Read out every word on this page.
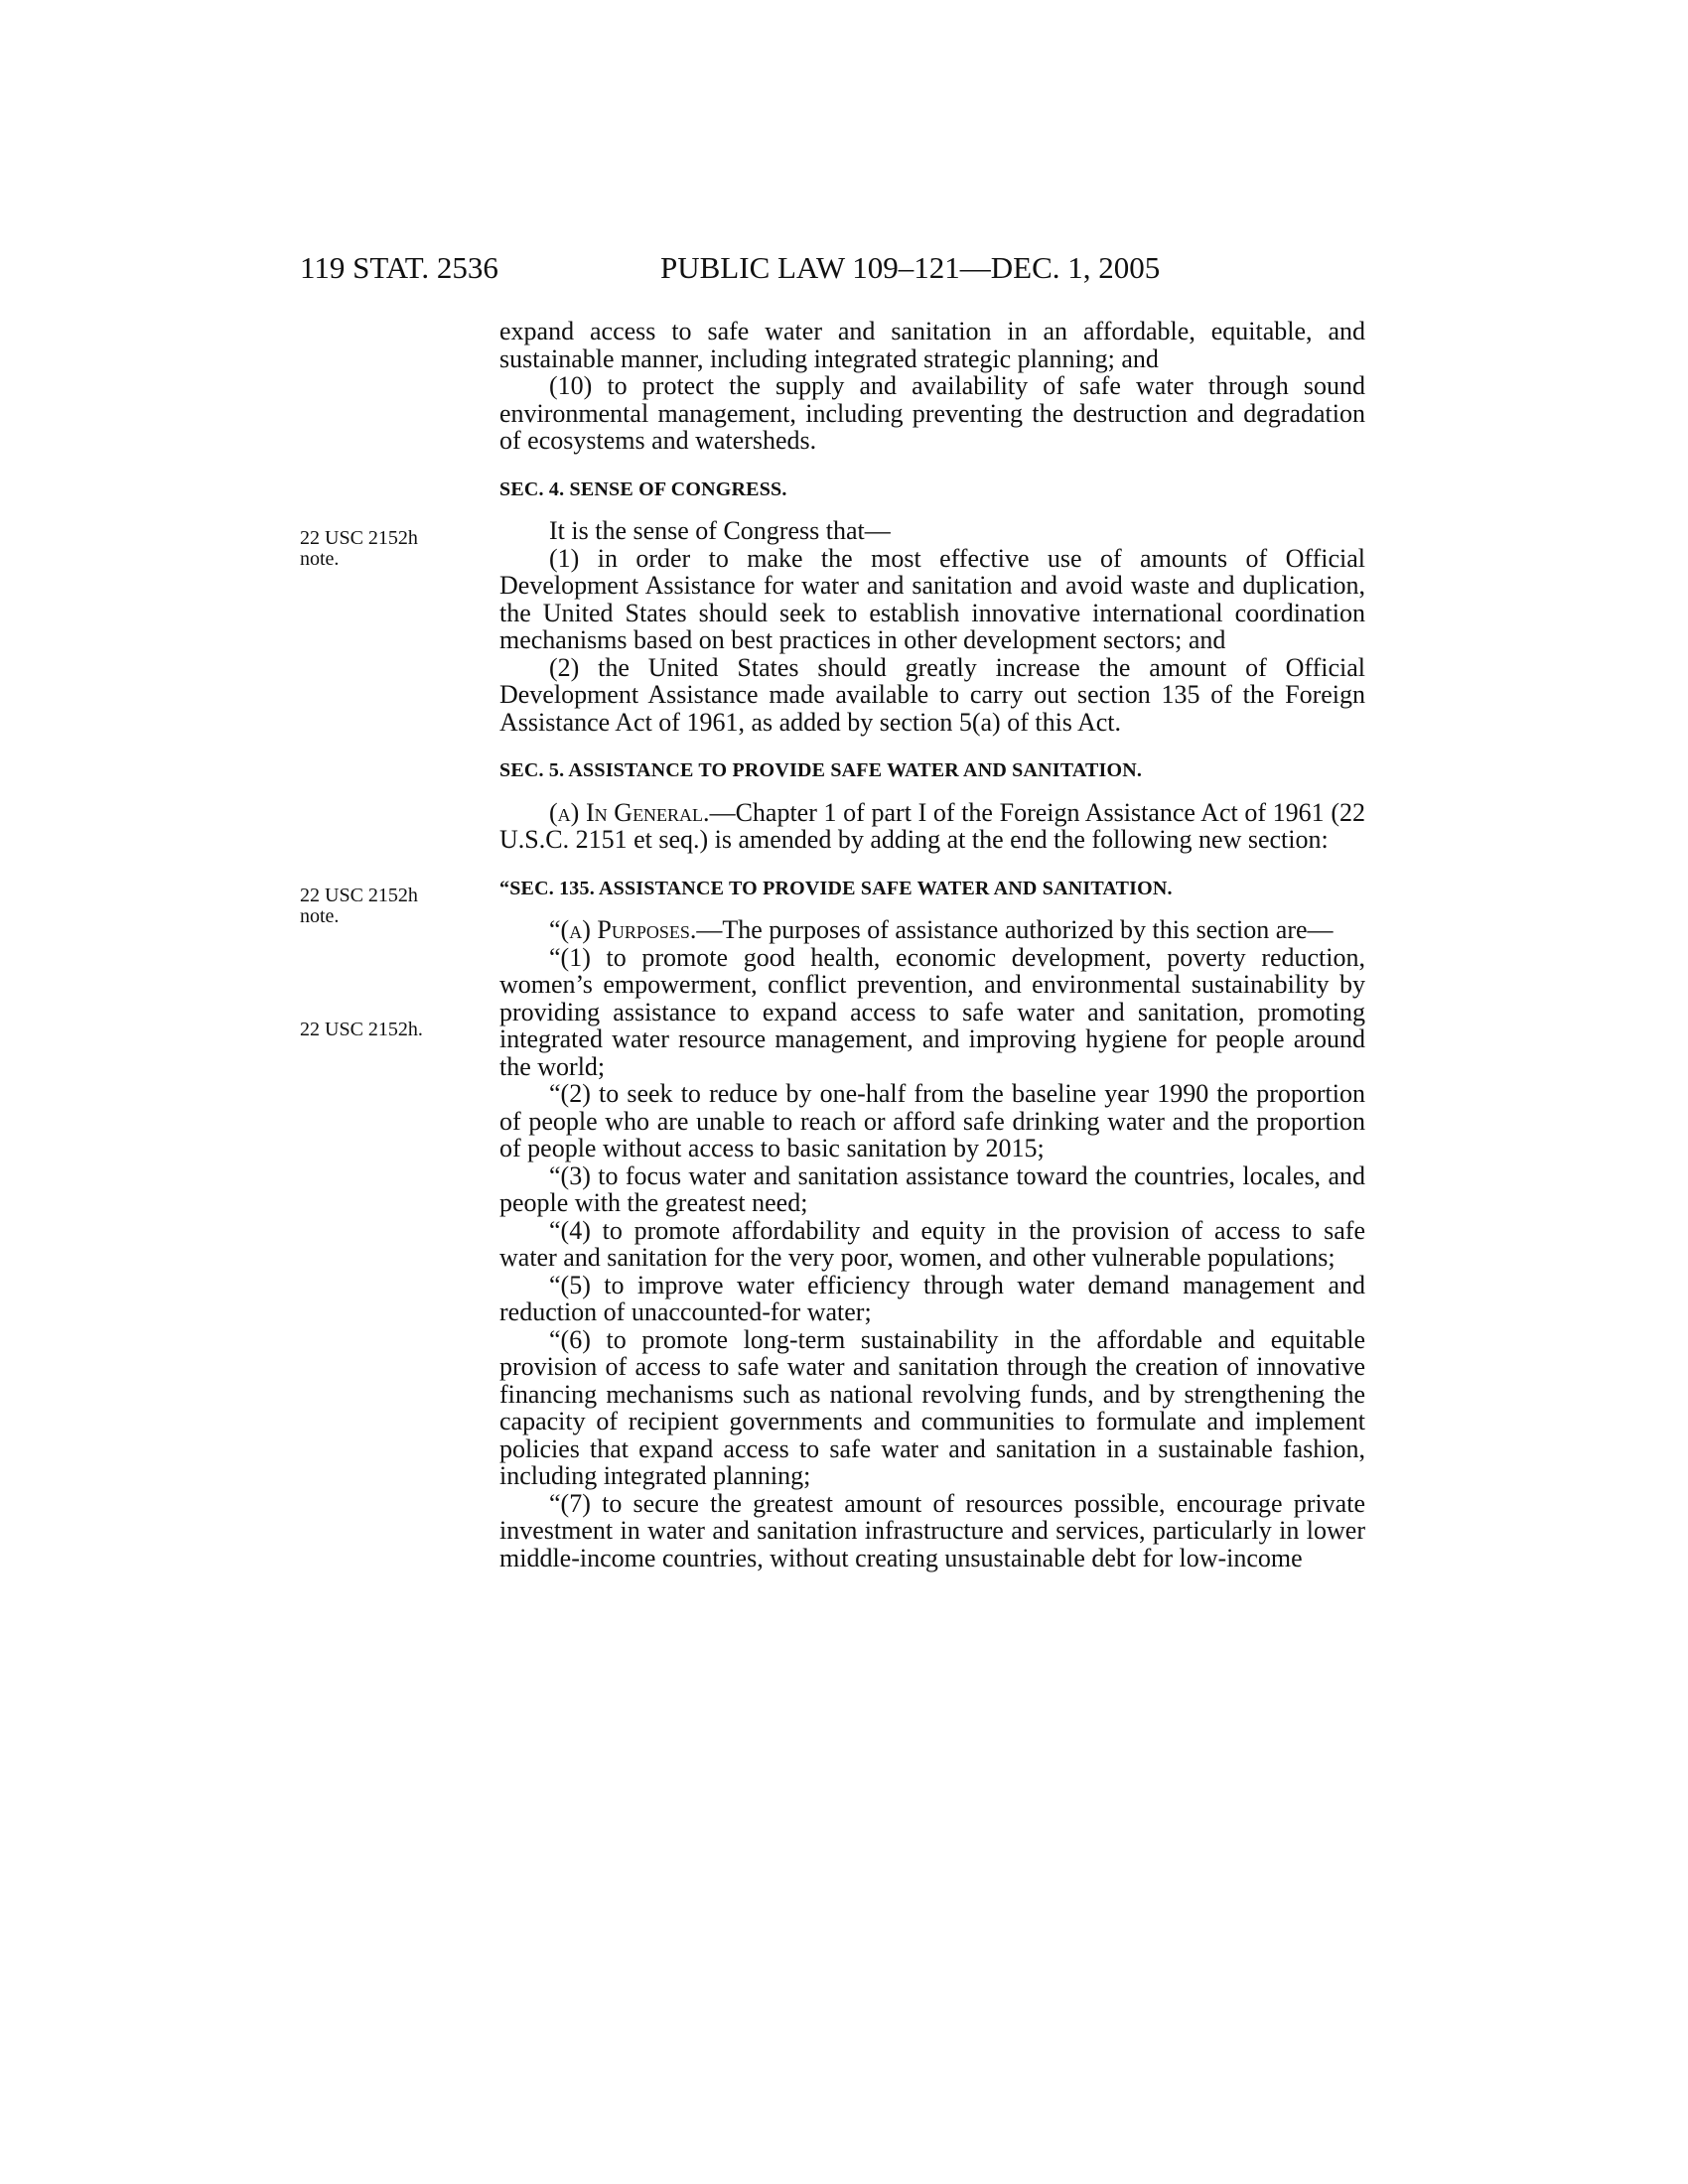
119 STAT. 2536	PUBLIC LAW 109–121—DEC. 1, 2005
22 USC 2152h
note.
22 USC 2152h
note.
22 USC 2152h.

expand access to safe water and sanitation in an affordable, equitable, and sustainable manner, including integrated strategic planning; and

(10) to protect the supply and availability of safe water through sound environmental management, including preventing the destruction and degradation of ecosystems and watersheds.

SEC. 4. SENSE OF CONGRESS.

It is the sense of Congress that—

(1) in order to make the most effective use of amounts of Official Development Assistance for water and sanitation and avoid waste and duplication, the United States should seek to establish innovative international coordination mechanisms based on best practices in other development sectors; and

(2) the United States should greatly increase the amount of Official Development Assistance made available to carry out section 135 of the Foreign Assistance Act of 1961, as added by section 5(a) of this Act.

SEC. 5. ASSISTANCE TO PROVIDE SAFE WATER AND SANITATION.

(a) In General.—Chapter 1 of part I of the Foreign Assistance Act of 1961 (22 U.S.C. 2151 et seq.) is amended by adding at the end the following new section:

“SEC. 135. ASSISTANCE TO PROVIDE SAFE WATER AND SANITATION.

“(a) Purposes.—The purposes of assistance authorized by this section are—

“(1) to promote good health, economic development, poverty reduction, women’s empowerment, conflict prevention, and environmental sustainability by providing assistance to expand access to safe water and sanitation, promoting integrated water resource management, and improving hygiene for people around the world;

“(2) to seek to reduce by one-half from the baseline year 1990 the proportion of people who are unable to reach or afford safe drinking water and the proportion of people without access to basic sanitation by 2015;

“(3) to focus water and sanitation assistance toward the countries, locales, and people with the greatest need;

“(4) to promote affordability and equity in the provision of access to safe water and sanitation for the very poor, women, and other vulnerable populations;

“(5) to improve water efficiency through water demand management and reduction of unaccounted-for water;

“(6) to promote long-term sustainability in the affordable and equitable provision of access to safe water and sanitation through the creation of innovative financing mechanisms such as national revolving funds, and by strengthening the capacity of recipient governments and communities to formulate and implement policies that expand access to safe water and sanitation in a sustainable fashion, including integrated planning;

“(7) to secure the greatest amount of resources possible, encourage private investment in water and sanitation infrastructure and services, particularly in lower middle-income countries, without creating unsustainable debt for low-income
